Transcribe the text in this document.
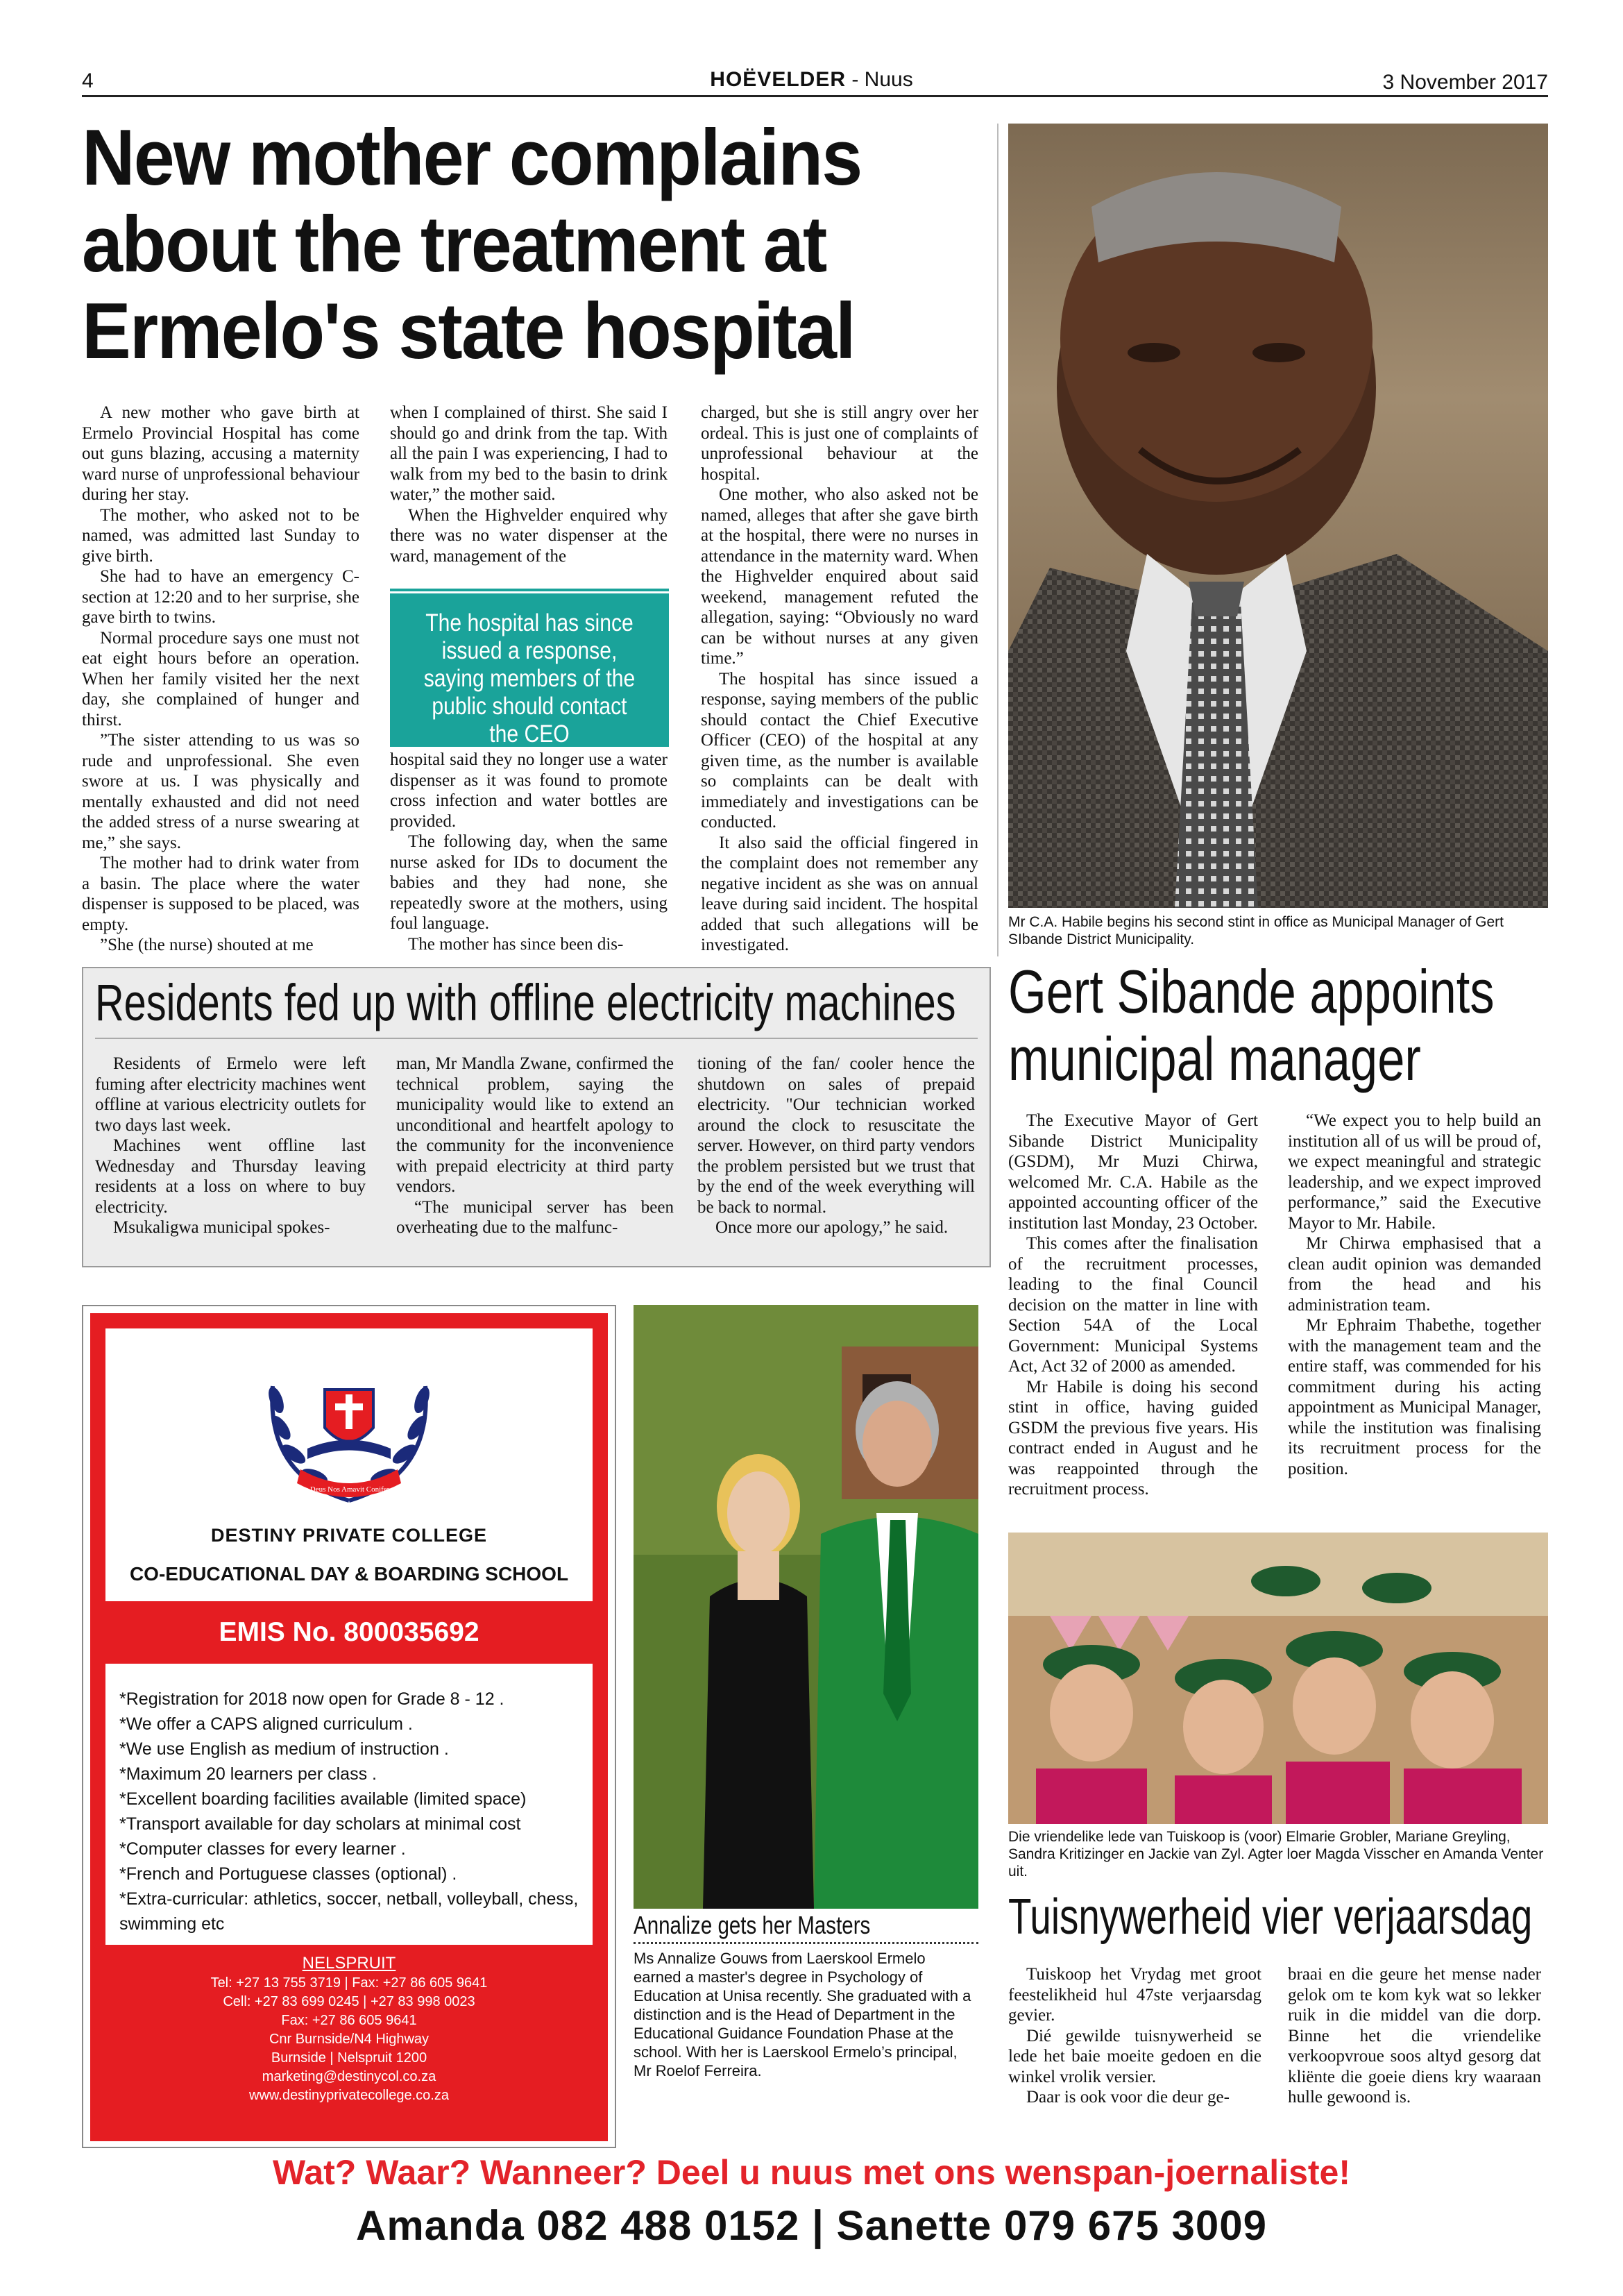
4	HOËVELDER - Nuus	3 November 2017
New mother complains
about the treatment at
Ermelo's state hospital

A new mother who gave birth at Ermelo Provincial Hospital has come out guns blazing, accusing a maternity ward nurse of unprofessional behaviour during her stay.

The mother, who asked not to be named, was admitted last Sunday to give birth.

She had to have an emergency C-section at 12:20 and to her surprise, she gave birth to twins.

Normal procedure says one must not eat eight hours before an operation. When her family visited her the next day, she complained of hunger and thirst.

”The sister attending to us was so rude and unprofessional. She even swore at us. I was physically and mentally exhausted and did not need the added stress of a nurse swearing at me,” she says.

The mother had to drink water from a basin. The place where the water dispenser is supposed to be placed, was empty.

”She (the nurse) shouted at me

when I complained of thirst. She said I should go and drink from the tap. With all the pain I was experiencing, I had to walk from my bed to the basin to drink water,” the mother said.

When the Highvelder enquired why there was no water dispenser at the ward, management of the

The hospital has since issued a response, saying members of the public should contact the CEO

hospital said they no longer use a water dispenser as it was found to promote cross infection and water bottles are provided.

The following day, when the same nurse asked for IDs to document the babies and they had none, she repeatedly swore at the mothers, using foul language.

The mother has since been dis-

charged, but she is still angry over her ordeal. This is just one of complaints of unprofessional behaviour at the hospital.

One mother, who also asked not be named, alleges that after she gave birth at the hospital, there were no nurses in attendance in the maternity ward. When the Highvelder enquired about said weekend, management refuted the allegation, saying: “Obviously no ward can be without nurses at any given time.”

The hospital has since issued a response, saying members of the public should contact the Chief Executive Officer (CEO) of the hospital at any given time, as the number is available so complaints can be dealt with immediately and investigations can be conducted.

It also said the official fingered in the complaint does not remember any negative incident as she was on annual leave during said incident. The hospital added that such allegations will be investigated.

Mr C.A. Habile begins his second stint in office as Municipal Manager of Gert SIbande District Municipality.
Residents fed up with offline electricity machines

Residents of Ermelo were left fuming after electricity machines went offline at various electricity outlets for two days last week.

Machines went offline last Wednesday and Thursday leaving residents at a loss on where to buy electricity.

Msukaligwa municipal spokes-

man, Mr Mandla Zwane, confirmed the technical problem, saying the municipality would like to extend an unconditional and heartfelt apology to the community for the inconvenience with prepaid electricity at third party vendors.

“The municipal server has been overheating due to the malfunc-

tioning of the fan/ cooler hence the shutdown on sales of prepaid electricity. "Our technician worked around the clock to resuscitate the server. However, on third party vendors the problem persisted but we trust that by the end of the week everything will be back to normal.

Once more our apology,” he said.

Gert Sibande appoints
municipal manager

The Executive Mayor of Gert Sibande District Municipality (GSDM), Mr Muzi Chirwa, welcomed Mr. C.A. Habile as the appointed accounting officer of the institution last Monday, 23 October.

This comes after the finalisation of the recruitment processes, leading to the final Council decision on the matter in line with Section 54A of the Local Government: Municipal Systems Act, Act 32 of 2000 as amended.

Mr Habile is doing his second stint in office, having guided GSDM the previous five years. His contract ended in August and he was reappointed through the recruitment process.

“We expect you to help build an institution all of us will be proud of, we expect meaningful and strategic leadership, and we expect improved performance,” said the Executive Mayor to Mr. Habile.

Mr Chirwa emphasised that a clean audit opinion was demanded from the head and his administration team.

Mr Ephraim Thabethe, together with the management team and the entire staff, was commended for his commitment during his acting appointment as Municipal Manager, while the institution was finalising its recruitment process for the position.

Sic Deus Nos Amavit Coniferens
DESTINY PRIVATE COLLEGE
CO-EDUCATIONAL DAY & BOARDING SCHOOL
EMIS No. 800035692
*Registration for 2018 now open for Grade 8 - 12 .
*We offer a CAPS aligned curriculum .
*We use English as medium of instruction .
*Maximum 20 learners per class .
*Excellent boarding facilities available (limited space)
*Transport available for day scholars at minimal cost
*Computer classes for every learner .
*French and Portuguese classes (optional) .
*Extra-curricular: athletics, soccer, netball, volleyball, chess, swimming etc
NELSPRUIT
Tel: +27 13 755 3719 | Fax: +27 86 605 9641
Cell: +27 83 699 0245 | +27 83 998 0023
Fax: +27 86 605 9641
Cnr Burnside/N4 Highway
Burnside | Nelspruit 1200
marketing@destinycol.co.za
www.destinyprivatecollege.co.za
Annalize gets her Masters
Ms Annalize Gouws from Laerskool Ermelo earned a master's degree in Psychology of Education at Unisa recently. She graduated with a distinction and is the Head of Department in the Educational Guidance Foundation Phase at the school. With her is Laerskool Ermelo’s principal, Mr Roelof Ferreira.
Die vriendelike lede van Tuiskoop is (voor) Elmarie Grobler, Mariane Greyling, Sandra Kritizinger en Jackie van Zyl. Agter loer Magda Visscher en Amanda Venter uit.
Tuisnywerheid vier verjaarsdag

Tuiskoop het Vrydag met groot feestelikheid hul 47ste verjaarsdag gevier.

Dié gewilde tuisnywerheid se lede het baie moeite gedoen en die winkel vrolik versier.

Daar is ook voor die deur ge-

braai en die geure het mense nader gelok om te kom kyk wat so lekker ruik in die middel van die dorp. Binne het die vriendelike verkoopvroue soos altyd gesorg dat kliënte die goeie diens kry waaraan hulle gewoond is.

Wat? Waar? Wanneer? Deel u nuus met ons wenspan-joernaliste!
Amanda 082 488 0152 | Sanette 079 675 3009
